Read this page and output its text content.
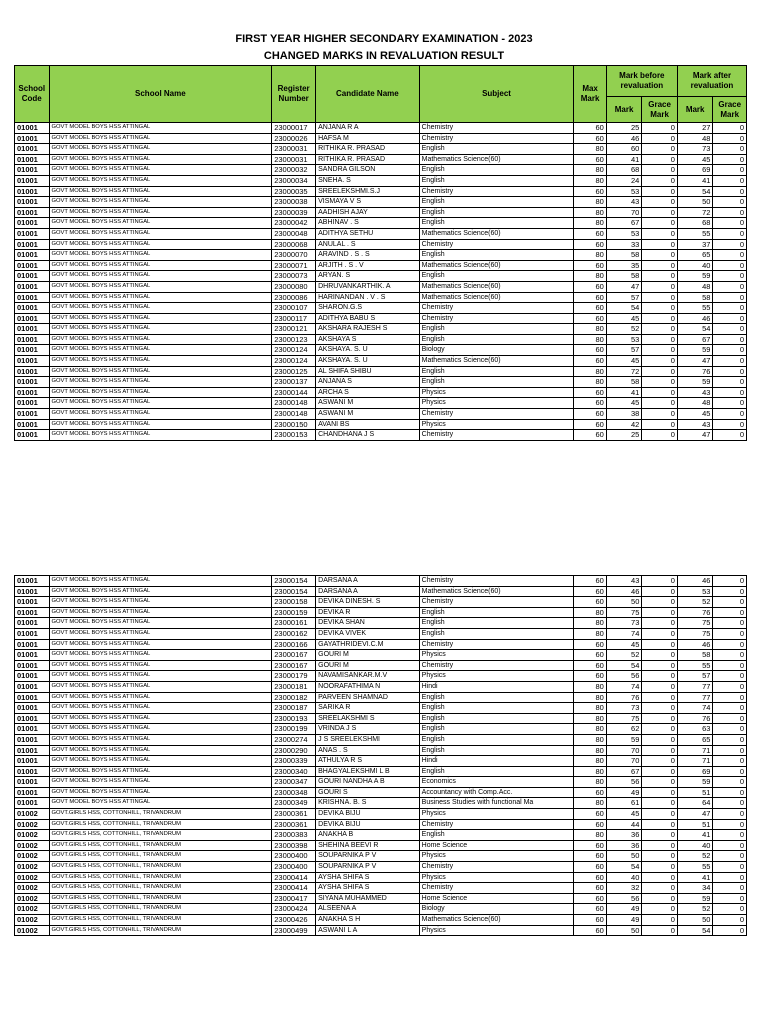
FIRST YEAR HIGHER SECONDARY EXAMINATION - 2023
CHANGED MARKS IN REVALUATION RESULT
School Code	School Name	Register Number	Candidate Name	Subject	Max Mark	Mark before revaluation		Mark after revaluation	
						Mark	Grace Mark	Mark	Grace Mark
01001	GOVT MODEL BOYS HSS ATTINGAL	23000017	ANJANA R A	Chemistry	60	25	0	27	0
01001	GOVT MODEL BOYS HSS ATTINGAL	23000026	HAFSA M	Chemistry	60	46	0	48	0
01001	GOVT MODEL BOYS HSS ATTINGAL	23000031	RITHIKA R. PRASAD	English	80	60	0	73	0
01001	GOVT MODEL BOYS HSS ATTINGAL	23000031	RITHIKA R. PRASAD	Mathematics Science(60)	60	41	0	45	0
01001	GOVT MODEL BOYS HSS ATTINGAL	23000032	SANDRA GILSON	English	80	68	0	69	0
01001	GOVT MODEL BOYS HSS ATTINGAL	23000034	SNEHA. S	English	80	24	0	41	0
01001	GOVT MODEL BOYS HSS ATTINGAL	23000035	SREELEKSHMI.S.J	Chemistry	60	53	0	54	0
01001	GOVT MODEL BOYS HSS ATTINGAL	23000038	VISMAYA V S	English	80	43	0	50	0
01001	GOVT MODEL BOYS HSS ATTINGAL	23000039	AADHISH AJAY	English	80	70	0	72	0
01001	GOVT MODEL BOYS HSS ATTINGAL	23000042	ABHINAV . S	English	80	67	0	68	0
01001	GOVT MODEL BOYS HSS ATTINGAL	23000048	ADITHYA SETHU	Mathematics Science(60)	60	53	0	55	0
01001	GOVT MODEL BOYS HSS ATTINGAL	23000068	ANULAL . S	Chemistry	60	33	0	37	0
01001	GOVT MODEL BOYS HSS ATTINGAL	23000070	ARAVIND . S . S	English	80	58	0	65	0
01001	GOVT MODEL BOYS HSS ATTINGAL	23000071	ARJITH . S . V	Mathematics Science(60)	60	35	0	40	0
01001	GOVT MODEL BOYS HSS ATTINGAL	23000073	ARYAN. S	English	80	58	0	59	0
01001	GOVT MODEL BOYS HSS ATTINGAL	23000080	DHRUVANKARTHIK. A	Mathematics Science(60)	60	47	0	48	0
01001	GOVT MODEL BOYS HSS ATTINGAL	23000086	HARINANDAN . V . S	Mathematics Science(60)	60	57	0	58	0
01001	GOVT MODEL BOYS HSS ATTINGAL	23000107	SHARON.G.S	Chemistry	60	54	0	55	0
01001	GOVT MODEL BOYS HSS ATTINGAL	23000117	ADITHYA BABU S	Chemistry	60	45	0	46	0
01001	GOVT MODEL BOYS HSS ATTINGAL	23000121	AKSHARA RAJESH S	English	80	52	0	54	0
01001	GOVT MODEL BOYS HSS ATTINGAL	23000123	AKSHAYA S	English	80	53	0	67	0
01001	GOVT MODEL BOYS HSS ATTINGAL	23000124	AKSHAYA. S. U	Biology	60	57	0	59	0
01001	GOVT MODEL BOYS HSS ATTINGAL	23000124	AKSHAYA. S. U	Mathematics Science(60)	60	45	0	47	0
01001	GOVT MODEL BOYS HSS ATTINGAL	23000125	AL SHIFA SHIBU	English	80	72	0	76	0
01001	GOVT MODEL BOYS HSS ATTINGAL	23000137	ANJANA S	English	80	58	0	59	0
01001	GOVT MODEL BOYS HSS ATTINGAL	23000144	ARCHA S	Physics	60	41	0	43	0
01001	GOVT MODEL BOYS HSS ATTINGAL	23000148	ASWANI M	Physics	60	45	0	48	0
01001	GOVT MODEL BOYS HSS ATTINGAL	23000148	ASWANI M	Chemistry	60	38	0	45	0
01001	GOVT MODEL BOYS HSS ATTINGAL	23000150	AVANI BS	Physics	60	42	0	43	0
01001	GOVT MODEL BOYS HSS ATTINGAL	23000153	CHANDHANA J S	Chemistry	60	25	0	47	0
01001	GOVT MODEL BOYS HSS ATTINGAL	23000154	DARSANA A	Chemistry	60	43	0	46	0
01001	GOVT MODEL BOYS HSS ATTINGAL	23000154	DARSANA A	Mathematics Science(60)	60	46	0	53	0
01001	GOVT MODEL BOYS HSS ATTINGAL	23000158	DEVIKA DINESH. S	Chemistry	60	50	0	52	0
01001	GOVT MODEL BOYS HSS ATTINGAL	23000159	DEVIKA R	English	80	75	0	76	0
01001	GOVT MODEL BOYS HSS ATTINGAL	23000161	DEVIKA SHAN	English	80	73	0	75	0
01001	GOVT MODEL BOYS HSS ATTINGAL	23000162	DEVIKA VIVEK	English	80	74	0	75	0
01001	GOVT MODEL BOYS HSS ATTINGAL	23000166	GAYATHRIDEVI.C.M	Chemistry	60	45	0	46	0
01001	GOVT MODEL BOYS HSS ATTINGAL	23000167	GOURI M	Physics	60	52	0	58	0
01001	GOVT MODEL BOYS HSS ATTINGAL	23000167	GOURI M	Chemistry	60	54	0	55	0
01001	GOVT MODEL BOYS HSS ATTINGAL	23000179	NAVAMISANKAR.M.V	Physics	60	56	0	57	0
01001	GOVT MODEL BOYS HSS ATTINGAL	23000181	NOORAFATHIMA N	Hindi	80	74	0	77	0
01001	GOVT MODEL BOYS HSS ATTINGAL	23000182	PARVEEN SHAMNAD	English	80	76	0	77	0
01001	GOVT MODEL BOYS HSS ATTINGAL	23000187	SARIKA R	English	80	73	0	74	0
01001	GOVT MODEL BOYS HSS ATTINGAL	23000193	SREELAKSHMI S	English	80	75	0	76	0
01001	GOVT MODEL BOYS HSS ATTINGAL	23000199	VRINDA J S	English	80	62	0	63	0
01001	GOVT MODEL BOYS HSS ATTINGAL	23000274	J S SREELEKSHMI	English	80	59	0	65	0
01001	GOVT MODEL BOYS HSS ATTINGAL	23000290	ANAS . S	English	80	70	0	71	0
01001	GOVT MODEL BOYS HSS ATTINGAL	23000339	ATHULYA R S	Hindi	80	70	0	71	0
01001	GOVT MODEL BOYS HSS ATTINGAL	23000340	BHAGYALEKSHMI L B	English	80	67	0	69	0
01001	GOVT MODEL BOYS HSS ATTINGAL	23000347	GOURI NANDHA A B	Economics	80	56	0	59	0
01001	GOVT MODEL BOYS HSS ATTINGAL	23000348	GOURI S	Accountancy with Comp.Acc.	60	49	0	51	0
01001	GOVT MODEL BOYS HSS ATTINGAL	23000349	KRISHNA. B. S	Business Studies with functional Ma	80	61	0	64	0
01002	GOVT.GIRLS HSS, COTTONHILL, TRIVANDRUM	23000361	DEVIKA BIJU	Physics	60	45	0	47	0
01002	GOVT.GIRLS HSS, COTTONHILL, TRIVANDRUM	23000361	DEVIKA BIJU	Chemistry	60	44	0	51	0
01002	GOVT.GIRLS HSS, COTTONHILL, TRIVANDRUM	23000383	ANAKHA B	English	80	36	0	41	0
01002	GOVT.GIRLS HSS, COTTONHILL, TRIVANDRUM	23000398	SHEHINA BEEVI R	Home Science	60	36	0	40	0
01002	GOVT.GIRLS HSS, COTTONHILL, TRIVANDRUM	23000400	SOUPARNIKA P V	Physics	60	50	0	52	0
01002	GOVT.GIRLS HSS, COTTONHILL, TRIVANDRUM	23000400	SOUPARNIKA P V	Chemistry	60	54	0	55	0
01002	GOVT.GIRLS HSS, COTTONHILL, TRIVANDRUM	23000414	AYSHA SHIFA S	Physics	60	40	0	41	0
01002	GOVT.GIRLS HSS, COTTONHILL, TRIVANDRUM	23000414	AYSHA SHIFA S	Chemistry	60	32	0	34	0
01002	GOVT.GIRLS HSS, COTTONHILL, TRIVANDRUM	23000417	SIYANA MUHAMMED	Home Science	60	56	0	59	0
01002	GOVT.GIRLS HSS, COTTONHILL, TRIVANDRUM	23000424	ALSEENA A	Biology	60	49	0	52	0
01002	GOVT.GIRLS HSS, COTTONHILL, TRIVANDRUM	23000426	ANAKHA S H	Mathematics Science(60)	60	49	0	50	0
01002	GOVT.GIRLS HSS, COTTONHILL, TRIVANDRUM	23000499	ASWANI L A	Physics	60	50	0	54	0
